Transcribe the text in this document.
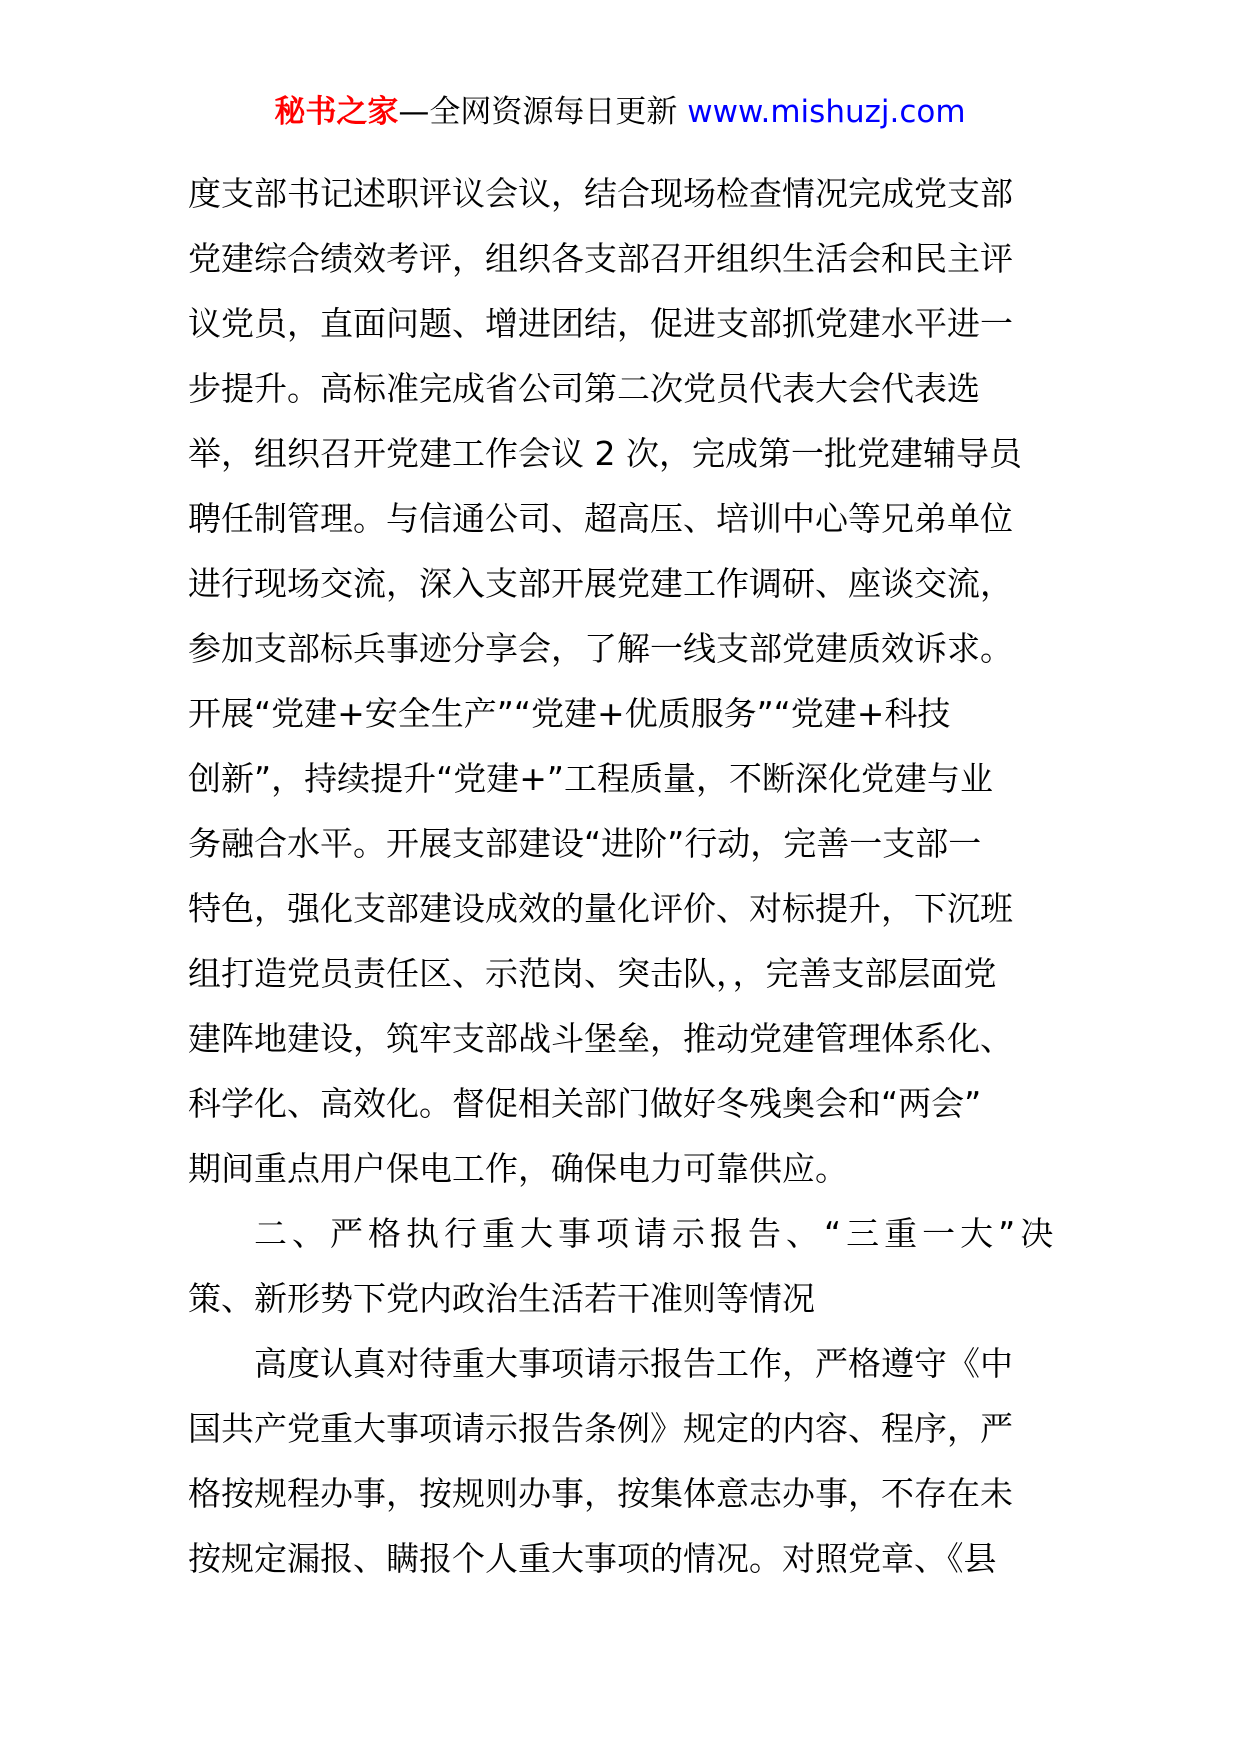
秘书之家—全网资源每日更新 www.mishuzj.com
度支部书记述职评议会议，结合现场检查情况完成党支部
党建综合绩效考评，组织各支部召开组织生活会和民主评
议党员，直面问题、增进团结，促进支部抓党建水平进一
步提升。高标准完成省公司第二次党员代表大会代表选
举，组织召开党建工作会议 2 次，完成第一批党建辅导员
聘任制管理。与信通公司、超高压、培训中心等兄弟单位
进行现场交流，深入支部开展党建工作调研、座谈交流，
参加支部标兵事迹分享会，了解一线支部党建质效诉求。
开展“党建+安全生产”“党建+优质服务”“党建+科技
创新”，持续提升“党建+”工程质量，不断深化党建与业
务融合水平。开展支部建设“进阶”行动，完善一支部一
特色，强化支部建设成效的量化评价、对标提升，下沉班
组打造党员责任区、示范岗、突击队，，完善支部层面党
建阵地建设，筑牢支部战斗堡垒，推动党建管理体系化、
科学化、高效化。督促相关部门做好冬残奥会和“两会”
期间重点用户保电工作，确保电力可靠供应。
二、严格执行重大事项请示报告、“三重一大”决
策、新形势下党内政治生活若干准则等情况
高度认真对待重大事项请示报告工作，严格遵守《中
国共产党重大事项请示报告条例》规定的内容、程序，严
格按规程办事，按规则办事，按集体意志办事，不存在未
按规定漏报、瞒报个人重大事项的情况。对照党章、《县
